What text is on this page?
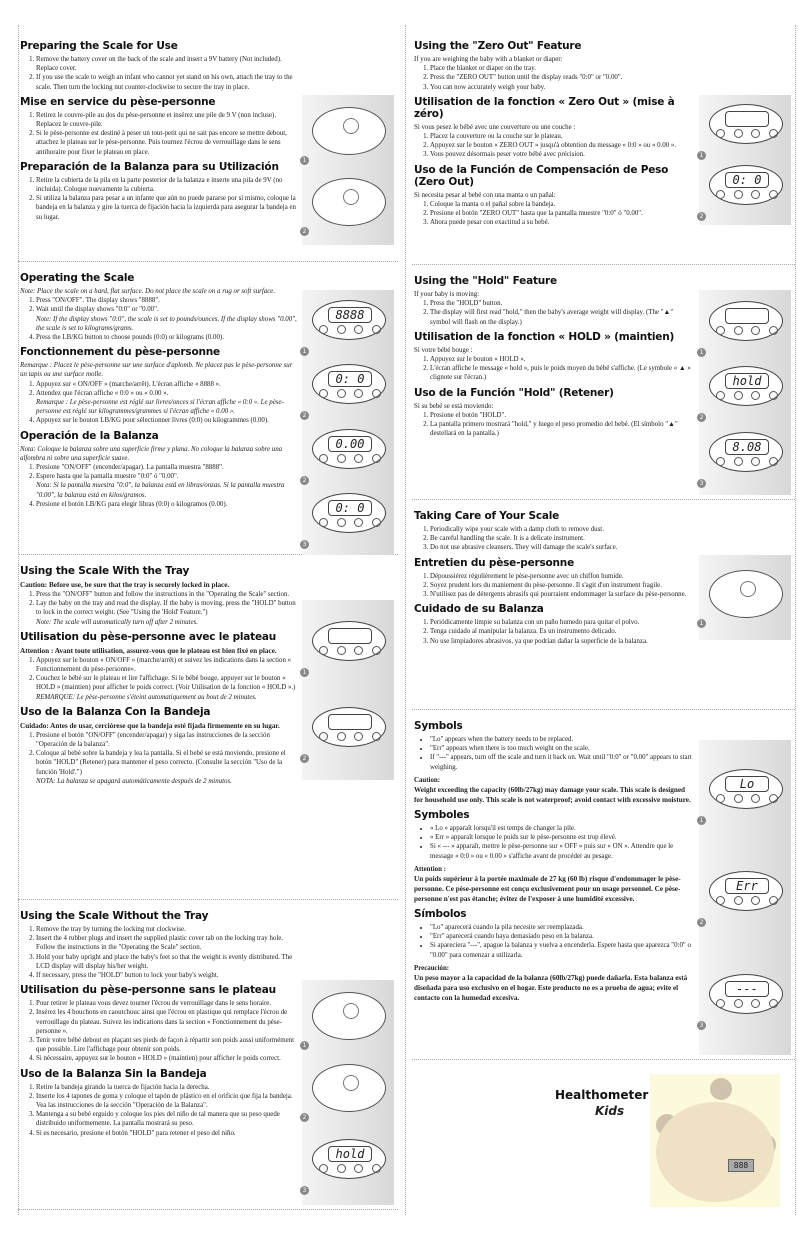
Preparing the Scale for Use
1. Remove the battery cover on the back of the scale and insert a 9V battery (Not included). Replace cover.
2. If you use the scale to weigh an infant who cannot yet stand on his own, attach the tray to the scale. Then turn the locking nut counter-clockwise to secure the tray in place.
Mise en service du pèse-personne
1. Retirez le couvre-pile au dos du pèse-personne et insérez une pile de 9 V (non incluse). Replacez le couvre-pile.
2. Si le pèse-personne est destiné à peser un tout-petit qui ne sait pas encore se mettre debout, attachez le plateau sur le pèse-personne. Puis tournez l'écrou de verrouillage dans le sens antihoraire pour fixer le plateau en place.
Preparación de la Balanza para su Utilización
1. Retire la cubierta de la pila en la parte posterior de la balanza e inserte una pila de 9V (no incluida). Coloque nuevamente la cubierta.
2. Si utiliza la balanza para pesar a un infante que aún no puede pararse por sí mismo, coloque la bandeja en la balanza y gire la tuerca de fijación hacia la izquierda para asegurar la bandeja en su lugar.
1
2
Operating the Scale

Note: Place the scale on a hard, flat surface. Do not place the scale on a rug or soft surface.

1. Press "ON/OFF". The display shows "8888".
2. Wait until the display shows "0:0" or "0.00".
Note: If the display shows "0:0", the scale is set to pounds/ounces. If the display shows "0.00", the scale is set to kilograms/grams.
4. Press the LB/KG button to choose pounds (0:0) or kilograms (0.00).
Fonctionnement du pèse-personne

Remarque : Placez le pèse-personne sur une surface d'aplomb. Ne placez pas le pèse-personne sur un tapis ou une surface molle.

1. Appuyez sur « ON/OFF » (marche/arrêt). L'écran affiche « 8888 ».
2. Attendez que l'écran affiche « 0:0 » ou « 0.00 ».
Remarque : Le pèse-personne est réglé sur livres/onces si l'écran affiche « 0:0 ». Le pèse-personne est réglé sur kilogrammes/grammes si l'écran affiche « 0.00 ».
4. Appuyez sur le bouton LB/KG pour sélectionner livres (0:0) ou kilogrammes (0.00).
Operación de la Balanza

Nota: Coloque la balanza sobre una superficie firme y plana. No coloque la balanza sobre una alfombra ni sobre una superficie suave.

1. Presione "ON/OFF" (encender/apagar). La pantalla muestra "8888".
2. Espere hasta que la pantalla muestre "0:0" ó "0.00".
Nota: Si la pantalla muestra "0:0", la balanza está en libras/onzas. Si la pantalla muestra "0.00", la balanza está en kilos/gramos.
4. Presione el botón LB/KG para elegir libras (0:0) o kilogramos (0.00).
8888
1
0: 0
2
0.00
2
0: 0
3
Using the Scale With the Tray

Caution: Before use, be sure that the tray is securely locked in place.

1. Press the "ON/OFF" button and follow the instructions in the "Operating the Scale" section.
2. Lay the baby on the tray and read the display. If the baby is moving, press the "HOLD" button to lock in the correct weight. (See "Using the 'Hold' Feature.")
Note: The scale will automatically turn off after 2 minutes.
Utilisation du pèse-personne avec le plateau

Attention : Avant toute utilisation, assurez-vous que le plateau est bien fixé en place.

1. Appuyez sur le bouton « ON/OFF » (marche/arrêt) et suivez les indications dans la section « Fonctionnement du pèse-personne».
2. Couchez le bébé sur le plateau et lire l'affichage. Si le bébé bouge, appuyer sur le bouton « HOLD » (maintien) pour afficher le poids correct. (Voir Utilisation de la fonction « HOLD ».)
REMARQUE: Le pèse-personne s'éteint automatiquement au bout de 2 minutes.
Uso de la Balanza Con la Bandeja

Cuidado: Antes de usar, cerciórese que la bandeja esté fijada firmemente en su lugar.

1. Presione el botón "ON/OFF" (encender/apagar) y siga las instrucciones de la sección "Operación de la balanza".
2. Coloque al bebé sobre la bandeja y lea la pantalla. Si el bebé se está moviendo, presione el botón "HOLD" (Retener) para mantener el peso correcto. (Consulte la sección "Uso de la función 'Hold'.")
NOTA: La balanza se apagará automáticamente después de 2 minutos.
1
2
Using the Scale Without the Tray
1. Remove the tray by turning the locking nut clockwise.
2. Insert the 4 rubber plugs and insert the supplied plastic cover tab on the locking tray hole. Follow the instructions in the "Operating the Scale" section.
3. Hold your baby upright and place the baby's feet so that the weight is evenly distributed. The LCD display will display his/her weight.
4. If necessary, press the "HOLD" button to lock your baby's weight.
Utilisation du pèse-personne sans le plateau
1. Pour retirer le plateau vous devez tourner l'écrou de verrouillage dans le sens horaire.
2. Insérez les 4 bouchons en caoutchouc ainsi que l'écrou en plastique qui remplace l'écrou de verrouillage du plateau. Suivez les indications dans la section « Fonctionnement du pèse-personne ».
3. Tenir votre bébé debout en plaçant ses pieds de façon à répartir son poids aussi uniformément que possible. Lire l'affichage pour obtenir son poids.
4. Si nécessaire, appuyez sur le bouton « HOLD » (maintien) pour afficher le poids correct.
Uso de la Balanza Sin la Bandeja
1. Retire la bandeja girando la tuerca de fijación hacia la derecha.
2. Inserte los 4 tapones de goma y coloque el tapón de plástico en el orificio que fija la bandeja. Vea las instrucciones de la sección "Operación de la Balanza".
3. Mantenga a su bebé erguido y coloque los pies del niño de tal manera que su peso quede distribuido uniformemente. La pantalla mostrará su peso.
4. Si es necesario, presione el botón "HOLD" para retener el peso del niño.
1
2
hold
3
Using the "Zero Out" Feature

If you are weighing the baby with a blanket or diaper:

1. Place the blanket or diaper on the tray.
2. Press the "ZERO OUT" button until the display reads "0:0" or "0.00".
3. You can now accurately weigh your baby.
Utilisation de la fonction « Zero Out » (mise à zéro)

Si vous pesez le bébé avec une couverture ou une couche :

1. Placez la couverture ou la couche sur le plateau.
2. Appuyez sur le bouton « ZERO OUT » jusqu'à obtention du message « 0:0 » ou « 0.00 ».
3. Vous pouvez désormais peser votre bébé avec précision.
Uso de la Función de Compensación de Peso (Zero Out)

Si necesita pesar al bebé con una manta o un pañal:

1. Coloque la manta o el pañal sobre la bandeja.
2. Presione el botón "ZERO OUT" hasta que la pantalla muestre "0:0" ó "0.00".
3. Ahora puede pesar con exactitud a su bebé.
1
0: 0
2
Using the "Hold" Feature

If your baby is moving:

1. Press the "HOLD" button.
2. The display will first read "hold," then the baby's average weight will display. (The "▲" symbol will flash on the display.)
Utilisation de la fonction « HOLD » (maintien)

Si votre bébé bouge :

1. Appuyez sur le bouton « HOLD ».
2. L'écran affiche le message « hold », puis le poids moyen du bébé s'affiche. (Le symbole « ▲ » clignote sur l'écran.)
Uso de la Función "Hold" (Retener)

Si su bebé se está moviendo:

1. Presione el botón "HOLD".
2. La pantalla primero mostrará "hold," y luego el peso promedio del bebé. (El símbolo "▲" destellará en la pantalla.)
1
hold
2
8.08
3
Taking Care of Your Scale
1. Periodically wipe your scale with a damp cloth to remove dust.
2. Be careful handling the scale. It is a delicate instrument.
3. Do not use abrasive cleansers. They will damage the scale's surface.
Entretien du pèse-personne
1. Dépoussiérez régulièrement le pèse-personne avec un chiffon humide.
2. Soyez prudent lors du maniement du pèse-personne. Il s'agit d'un instrument fragile.
3. N'utilisez pas de détergents abrasifs qui pourraient endommager la surface du pèse-personne.
Cuidado de su Balanza
1. Periódicamente limpie su balanza con un paño humedo para quitar el polvo.
2. Tenga cuidado al manipular la balanza. Es un instrumento delicado.
3. No use limpiadores abrasivos, ya que podrían dañar la superficie de la balanza.
1
Symbols
• "Lo" appears when the battery needs to be replaced.
• "Err" appears when there is too much weight on the scale.
• If "---" appears, turn off the scale and turn it back on. Wait until "0:0" or "0.00" appears to start weighing.

Caution:

Weight exceeding the capacity (60lb/27kg) may damage your scale. This scale is designed for household use only. This scale is not waterproof; avoid contact with excessive moisture.

Symboles
• « Lo » apparaît lorsqu'il est temps de changer la pile.
• « Err » apparaît lorsque le poids sur le pèse-personne est trop élevé.
• Si « --- » apparaît, mettre le pèse-personne sur « OFF » puis sur « ON ». Attendre que le message « 0:0 » ou « 0.00 » s'affiche avant de procéder au pesage.

Attention :

Un poids supérieur à la portée maximale de 27 kg (60 lb) risque d'endommager le pèse-personne. Ce pèse-personne est conçu exclusivement pour un usage personnel. Ce pèse-personne n'est pas étanche; évitez de l'exposer à une humidité excessive.

Símbolos
• "Lo" aparecerá cuando la pila necesite ser reemplazada.
• "Err" aparecerá cuando haya demasiado peso en la balanza.
• Si apareciera "---", apague la balanza y vuelva a encenderla. Espere hasta que aparezca "0:0" o "0.00" para comenzar a utilizarla.

Precaución:

Un peso mayor a la capacidad de la balanza (60lb/27kg) puede dañarla. Esta balanza está diseñada para uso exclusivo en el hogar. Este producto no es a prueba de agua; evite el contacto con la humedad excesiva.

Lo
1
Err
2
---
3
888
Healthometer
Kids
